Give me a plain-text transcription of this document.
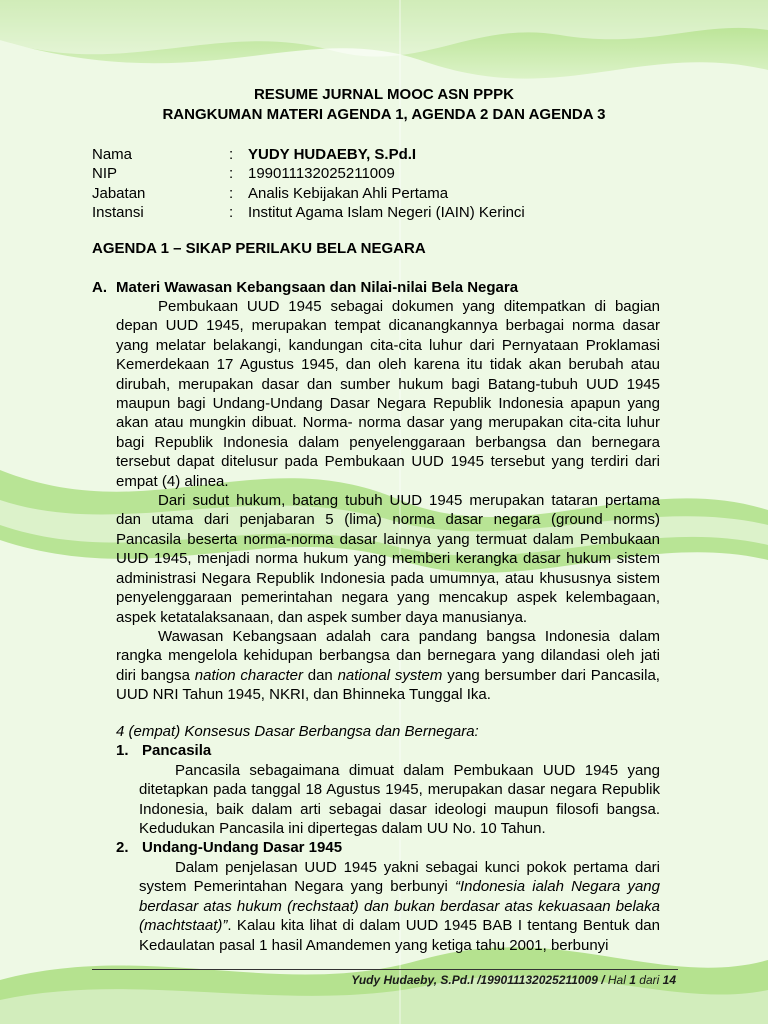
RESUME JURNAL MOOC ASN PPPK
RANGKUMAN MATERI AGENDA 1, AGENDA 2 DAN AGENDA 3
Nama	: YUDY HUDAEBY, S.Pd.I
NIP	: 199011132025211009
Jabatan	: Analis Kebijakan Ahli Pertama
Instansi	: Institut Agama Islam Negeri (IAIN) Kerinci
AGENDA 1 – SIKAP PERILAKU BELA NEGARA
A. Materi Wawasan Kebangsaan dan Nilai-nilai Bela Negara

Pembukaan UUD 1945 sebagai dokumen yang ditempatkan di bagian depan UUD 1945, merupakan tempat dicanangkannya berbagai norma dasar yang melatar belakangi, kandungan cita-cita luhur dari Pernyataan Proklamasi Kemerdekaan 17 Agustus 1945, dan oleh karena itu tidak akan berubah atau dirubah, merupakan dasar dan sumber hukum bagi Batang-tubuh UUD 1945 maupun bagi Undang-Undang Dasar Negara Republik Indonesia apapun yang akan atau mungkin dibuat. Norma- norma dasar yang merupakan cita-cita luhur bagi Republik Indonesia dalam penyelenggaraan berbangsa dan bernegara tersebut dapat ditelusur pada Pembukaan UUD 1945 tersebut yang terdiri dari empat (4) alinea.

Dari sudut hukum, batang tubuh UUD 1945 merupakan tataran pertama dan utama dari penjabaran 5 (lima) norma dasar negara (ground norms) Pancasila beserta norma-norma dasar lainnya yang termuat dalam Pembukaan UUD 1945, menjadi norma hukum yang memberi kerangka dasar hukum sistem administrasi Negara Republik Indonesia pada umumnya, atau khususnya sistem penyelenggaraan pemerintahan negara yang mencakup aspek kelembagaan, aspek ketatalaksanaan, dan aspek sumber daya manusianya.

Wawasan Kebangsaan adalah cara pandang bangsa Indonesia dalam rangka mengelola kehidupan berbangsa dan bernegara yang dilandasi oleh jati diri bangsa nation character dan national system yang bersumber dari Pancasila, UUD NRI Tahun 1945, NKRI, dan Bhinneka Tunggal Ika.

4 (empat) Konsesus Dasar Berbangsa dan Bernegara:
1. Pancasila

Pancasila sebagaimana dimuat dalam Pembukaan UUD 1945 yang ditetapkan pada tanggal 18 Agustus 1945, merupakan dasar negara Republik Indonesia, baik dalam arti sebagai dasar ideologi maupun filosofi bangsa. Kedudukan Pancasila ini dipertegas dalam UU No. 10 Tahun.

2. Undang-Undang Dasar 1945

Dalam penjelasan UUD 1945 yakni sebagai kunci pokok pertama dari system Pemerintahan Negara yang berbunyi “Indonesia ialah Negara yang berdasar atas hukum (rechstaat) dan bukan berdasar atas kekuasaan belaka (machtstaat)”. Kalau kita lihat di dalam UUD 1945 BAB I tentang Bentuk dan Kedaulatan pasal 1 hasil Amandemen yang ketiga tahu 2001, berbunyi

Yudy Hudaeby, S.Pd.I /199011132025211009 / Hal 1 dari 14
